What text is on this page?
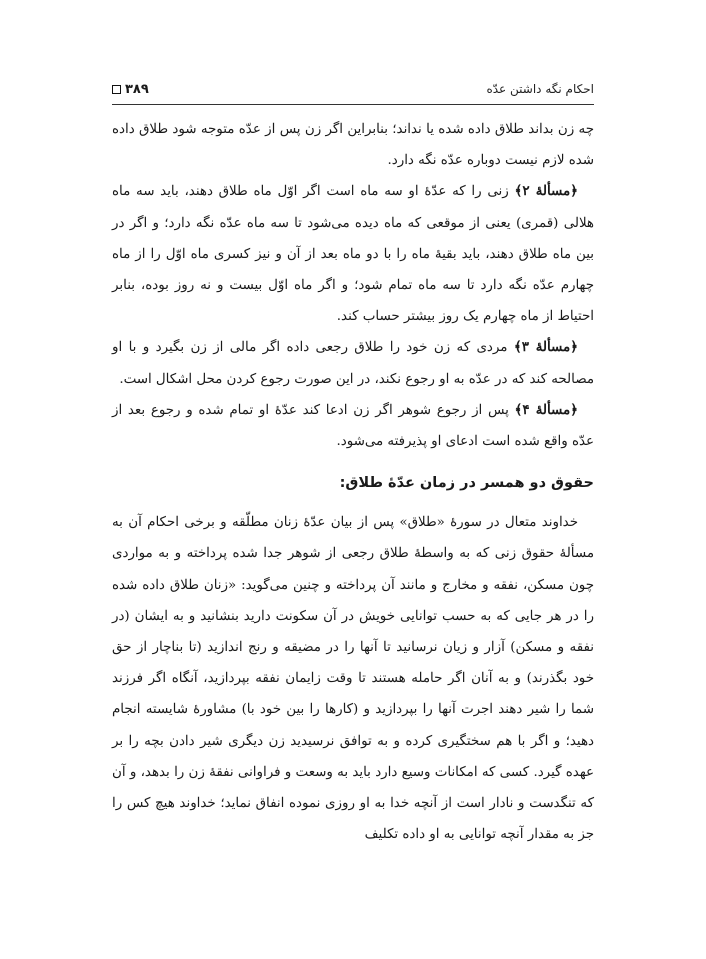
احکام نگه داشتن عدّه
۳۸۹

چه زن بداند طلاق داده شده یا نداند؛ بنابراین اگر زن پس از عدّه متوجه شود طلاق داده شده لازم نیست دوباره عدّه نگه دارد.

﴿مسألهٔ ۲﴾ زنی را که عدّهٔ او سه ماه است اگر اوّل ماه طلاق دهند، باید سه ماه هلالی (قمری) یعنی از موقعی که ماه دیده می‌شود تا سه ماه عدّه نگه دارد؛ و اگر در بین ماه طلاق دهند، باید بقیهٔ ماه را با دو ماه بعد از آن و نیز کسری ماه اوّل را از ماه چهارم عدّه نگه دارد تا سه ماه تمام شود؛ و اگر ماه اوّل بیست و نه روز بوده، بنابر احتیاط از ماه چهارم یک روز بیشتر حساب کند.

﴿مسألهٔ ۳﴾ مردی که زن خود را طلاق رجعی داده اگر مالی از زن بگیرد و با او مصالحه کند که در عدّه به او رجوع نکند، در این صورت رجوع کردن محل اشکال است.

﴿مسألهٔ ۴﴾ پس از رجوع شوهر اگر زن ادعا کند عدّهٔ او تمام شده و رجوع بعد از عدّه واقع شده است ادعای او پذیرفته می‌شود.

حقوق دو همسر در زمان عدّهٔ طلاق:

خداوند متعال در سورهٔ «طلاق» پس از بیان عدّهٔ زنان مطلّقه و برخی احکام آن به مسألهٔ حقوق زنی که به واسطهٔ طلاق رجعی از شوهر جدا شده پرداخته و به مواردی چون مسکن، نفقه و مخارج و مانند آن پرداخته و چنین می‌گوید: «زنان طلاق داده شده را در هر جایی که به حسب توانایی خویش در آن سکونت دارید بنشانید و به ایشان (در نفقه و مسکن) آزار و زیان نرسانید تا آنها را در مضیقه و رنج اندازید (تا بناچار از حق خود بگذرند) و به آنان اگر حامله هستند تا وقت زایمان نفقه بپردازید، آنگاه اگر فرزند شما را شیر دهند اجرت آنها را بپردازید و (کارها را بین خود با) مشاورهٔ شایسته انجام دهید؛ و اگر با هم سختگیری کرده و به توافق نرسیدید زن دیگری شیر دادن بچه را بر عهده گیرد. کسی که امکانات وسیع دارد باید به وسعت و فراوانی نفقهٔ زن را بدهد، و آن که تنگدست و نادار است از آنچه خدا به او روزی نموده انفاق نماید؛ خداوند هیچ کس را جز به مقدار آنچه توانایی به او داده تکلیف
